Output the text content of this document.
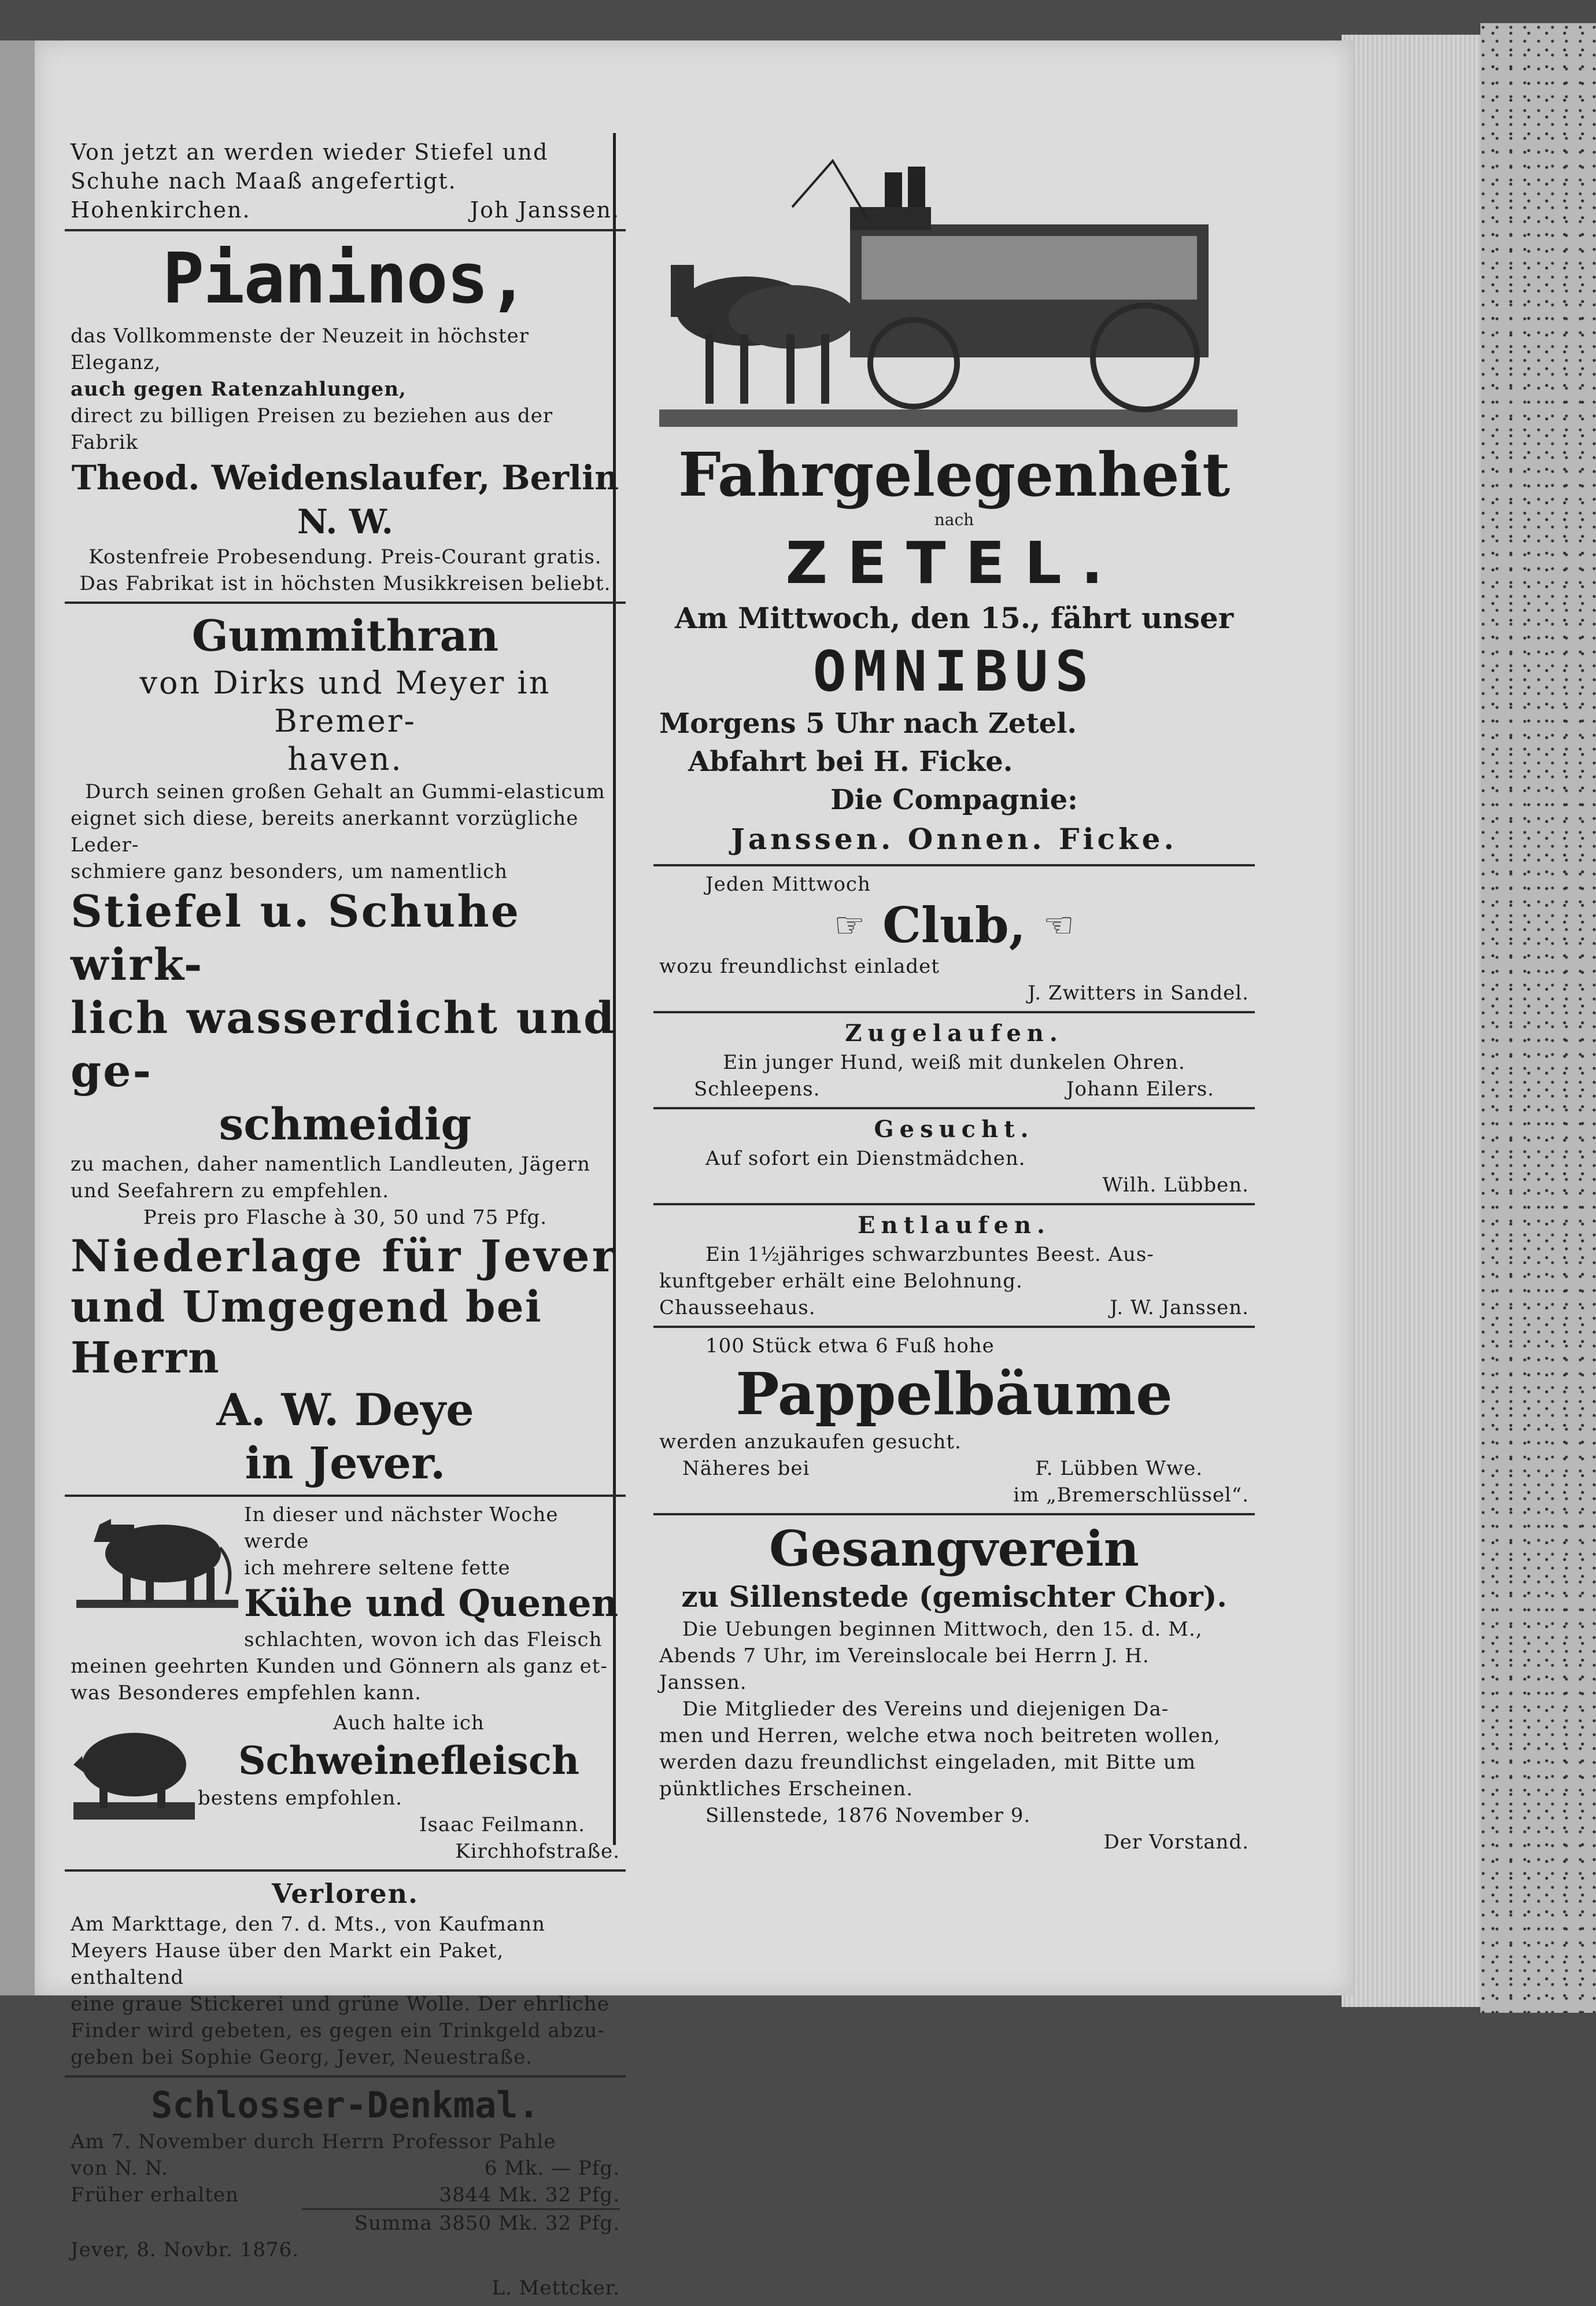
Von jetzt an werden wieder Stiefel und
Schuhe nach Maaß angefertigt.
Hohenkirchen.	Joh Janssen.
Pianinos,
das Vollkommenste der Neuzeit in höchster Eleganz,
auch gegen Ratenzahlungen,
direct zu billigen Preisen zu beziehen aus der Fabrik
Theod. Weidenslaufer, Berlin N. W.
Kostenfreie Probesendung. Preis-Courant gratis.
Das Fabrikat ist in höchsten Musikkreisen beliebt.
Gummithran
von Dirks und Meyer in Bremer-
haven.
Durch seinen großen Gehalt an Gummi-elasticum
eignet sich diese, bereits anerkannt vorzügliche Leder-
schmiere ganz besonders, um namentlich
Stiefel u. Schuhe wirk-
lich wasserdicht und ge-
schmeidig
zu machen, daher namentlich Landleuten, Jägern
und Seefahrern zu empfehlen.
Preis pro Flasche à 30, 50 und 75 Pfg.
Niederlage für Jever
und Umgegend bei Herrn
A. W. Deye
in Jever.
In dieser und nächster Woche werde
ich mehrere seltene fette
Kühe und Quenen
schlachten, wovon ich das Fleisch
meinen geehrten Kunden und Gönnern als ganz et-
was Besonderes empfehlen kann.
Auch halte ich
Schweinefleisch
bestens empfohlen.
Isaac Feilmann.
Kirchhofstraße.
Verloren.
Am Markttage, den 7. d. Mts., von Kaufmann
Meyers Hause über den Markt ein Paket, enthaltend
eine graue Stickerei und grüne Wolle. Der ehrliche
Finder wird gebeten, es gegen ein Trinkgeld abzu-
geben bei Sophie Georg, Jever, Neuestraße.
Schlosser-Denkmal.
Am 7. November durch Herrn Professor Pahle
von N. N.	6 Mk. — Pfg.
Früher erhalten	3844 Mk. 32 Pfg.
Summa 3850 Mk. 32 Pfg.
Jever, 8. Novbr. 1876.
L. Mettcker.
Fahrgelegenheit
nach
ZETEL.
Am Mittwoch, den 15., fährt unser
OMNIBUS
Morgens 5 Uhr nach Zetel.
Abfahrt bei H. Ficke.
Die Compagnie:
Janssen. Onnen. Ficke.
Jeden Mittwoch
☞ Club, ☜
wozu freundlichst einladet
J. Zwitters in Sandel.
Zugelaufen.
Ein junger Hund, weiß mit dunkelen Ohren.
Schleepens.	Johann Eilers.
Gesucht.
Auf sofort ein Dienstmädchen.
Wilh. Lübben.
Entlaufen.
Ein 1½jähriges schwarzbuntes Beest. Aus-
kunftgeber erhält eine Belohnung.
Chausseehaus.	J. W. Janssen.
100 Stück etwa 6 Fuß hohe
Pappelbäume
werden anzukaufen gesucht.
Näheres bei	F. Lübben Wwe.
im „Bremerschlüssel“.
Gesangverein
zu Sillenstede (gemischter Chor).
Die Uebungen beginnen Mittwoch, den 15. d. M.,
Abends 7 Uhr, im Vereinslocale bei Herrn J. H.
Janssen.
Die Mitglieder des Vereins und diejenigen Da-
men und Herren, welche etwa noch beitreten wollen,
werden dazu freundlichst eingeladen, mit Bitte um
pünktliches Erscheinen.
Sillenstede, 1876 November 9.
Der Vorstand.
